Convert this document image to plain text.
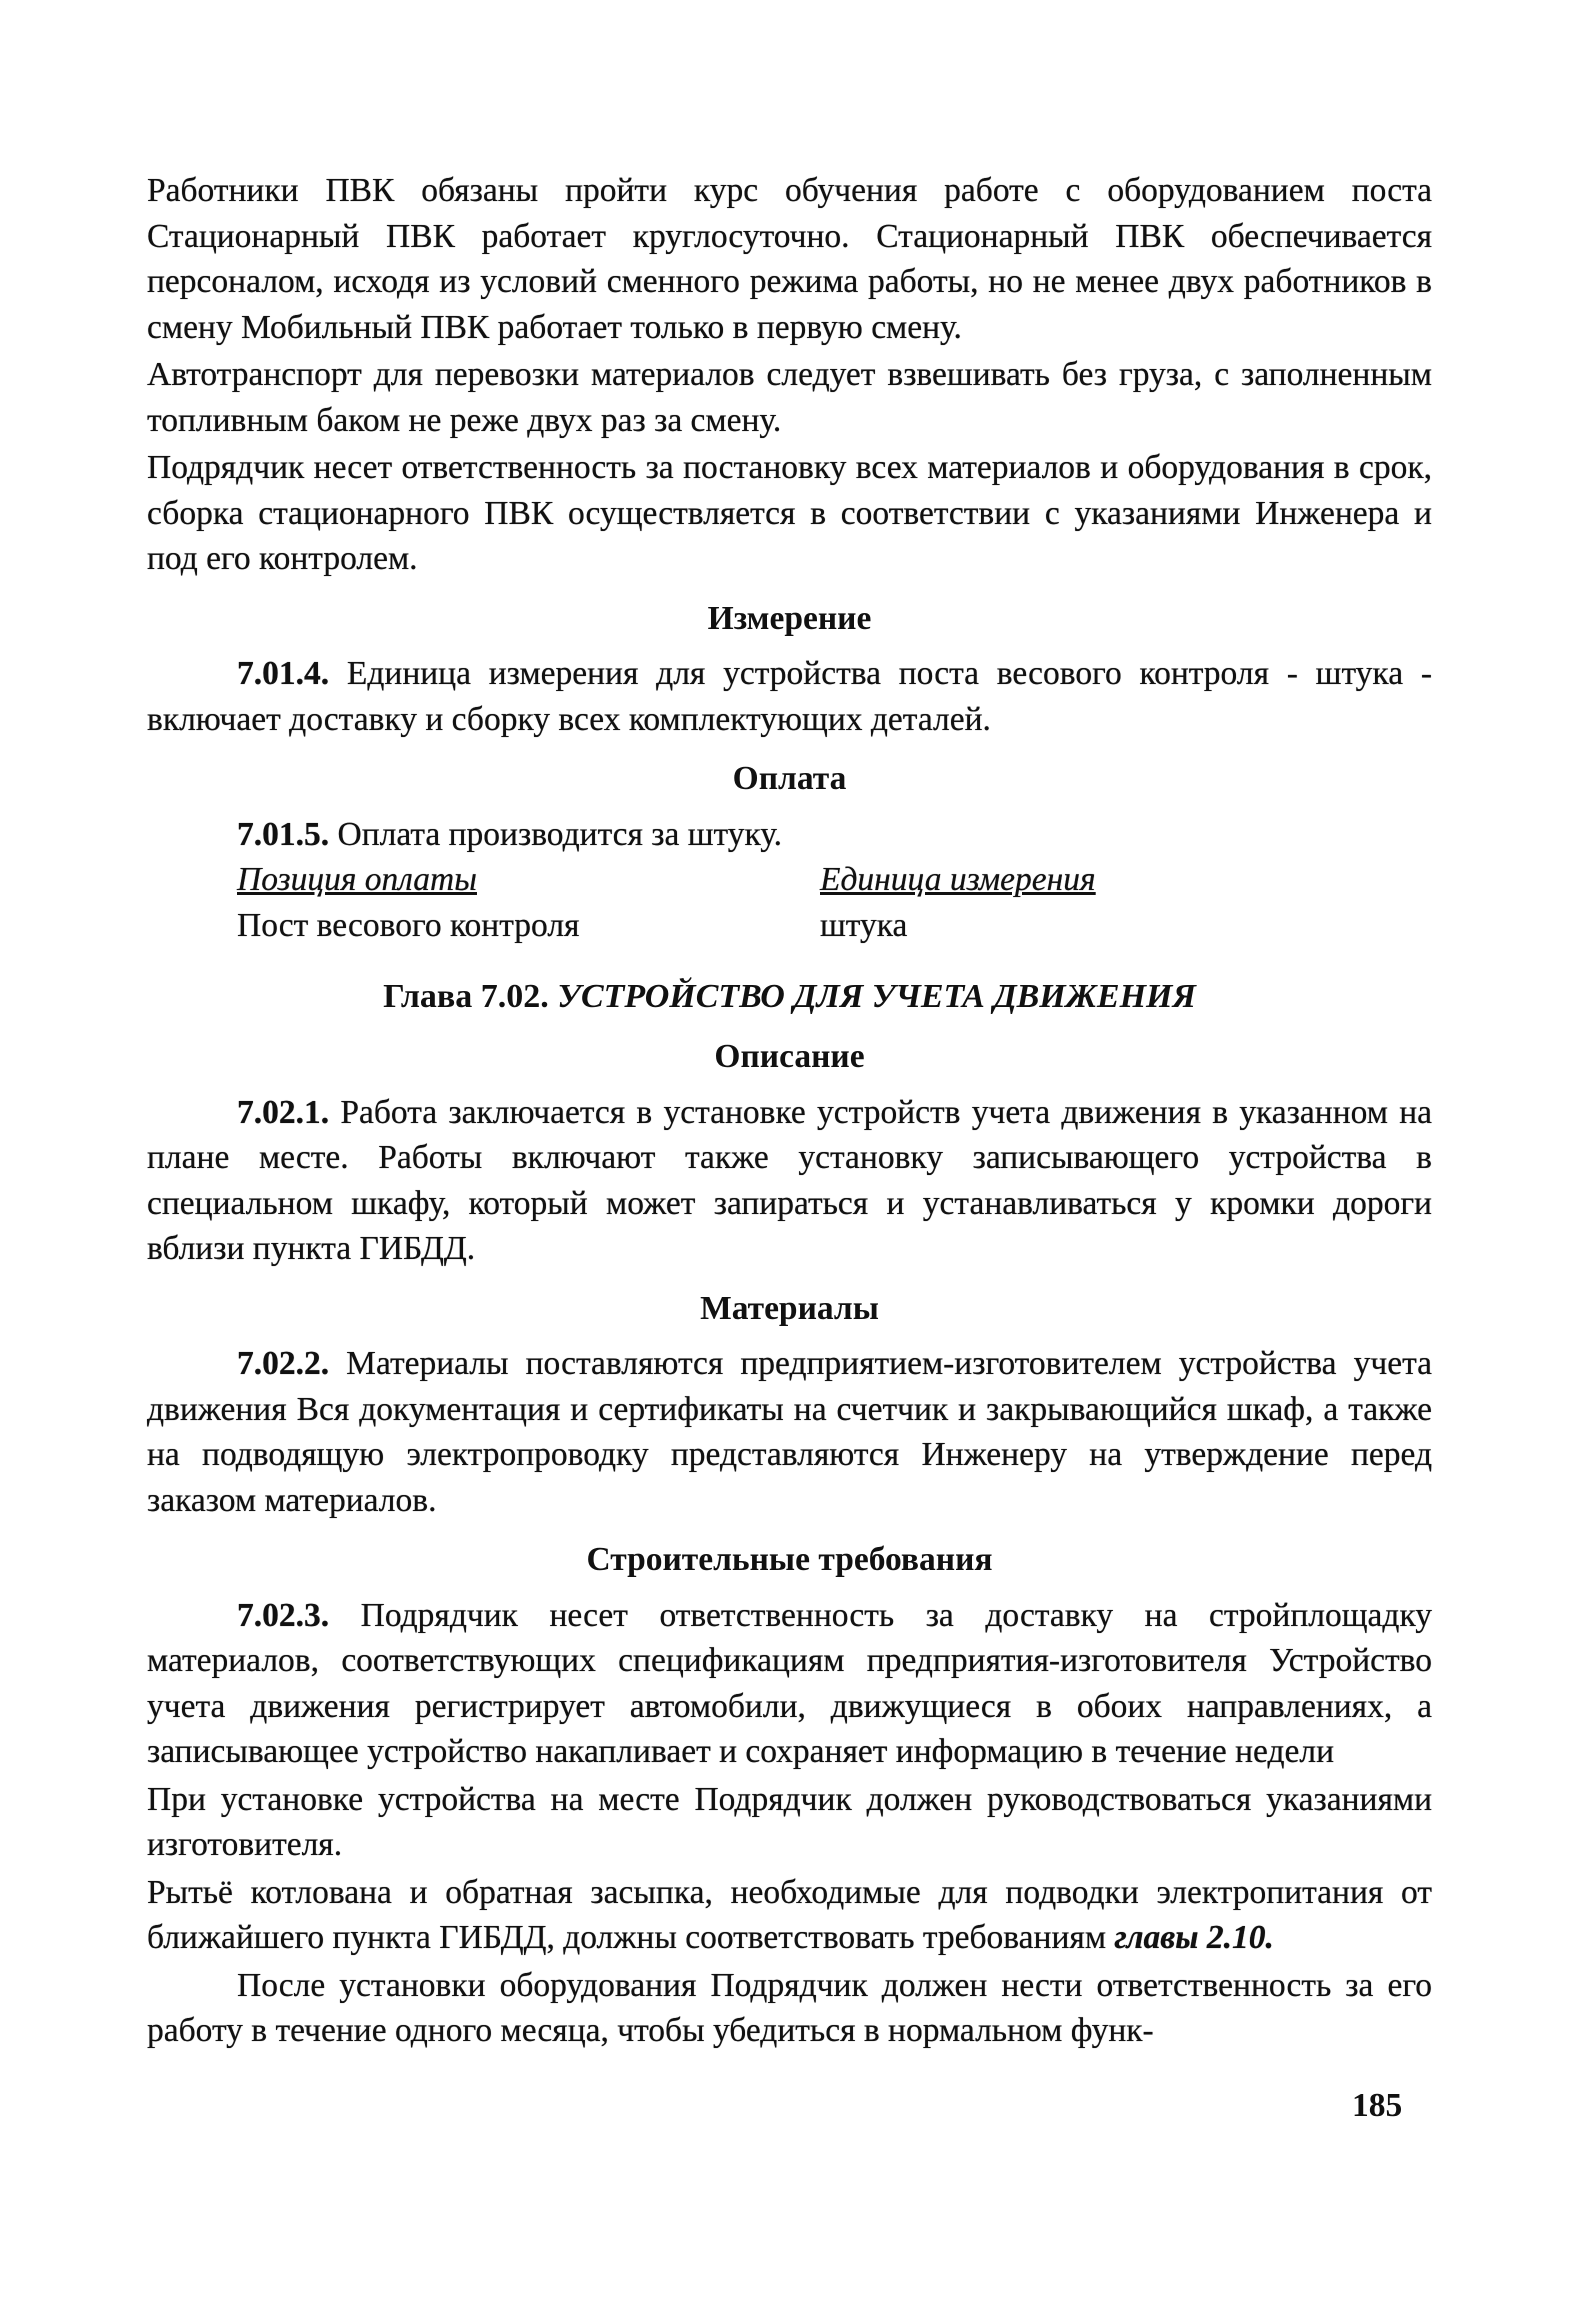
Работники ПВК обязаны пройти курс обучения работе с оборудованием поста Стационарный ПВК работает круглосуточно. Стационарный ПВК обеспечивается персоналом, исходя из условий сменного режима работы, но не менее двух работников в смену Мобильный ПВК работает только в первую смену.

Автотранспорт для перевозки материалов следует взвешивать без груза, с заполненным топливным баком не реже двух раз за смену.

Подрядчик несет ответственность за постановку всех материалов и оборудования в срок, сборка стационарного ПВК осуществляется в соответствии с указаниями Инженера и под его контролем.

Измерение

7.01.4. Единица измерения для устройства поста весового контроля - штука - включает доставку и сборку всех комплектующих деталей.

Оплата

7.01.5. Оплата производится за штуку.

Позиция оплаты	Единица измерения
Пост весового контроля	штука
Глава 7.02. УСТРОЙСТВО ДЛЯ УЧЕТА ДВИЖЕНИЯ
Описание

7.02.1. Работа заключается в установке устройств учета движения в указанном на плане месте. Работы включают также установку записывающего устройства в специальном шкафу, который может запираться и устанавливаться у кромки дороги вблизи пункта ГИБДД.

Материалы

7.02.2. Материалы поставляются предприятием-изготовителем устройства учета движения Вся документация и сертификаты на счетчик и закрывающийся шкаф, а также на подводящую электропроводку представляются Инженеру на утверждение перед заказом материалов.

Строительные требования

7.02.3. Подрядчик несет ответственность за доставку на стройплощадку материалов, соответствующих спецификациям предприятия-изготовителя Устройство учета движения регистрирует автомобили, движущиеся в обоих направлениях, а записывающее устройство накапливает и сохраняет информацию в течение недели

При установке устройства на месте Подрядчик должен руководствоваться указаниями изготовителя.

Рытьё котлована и обратная засыпка, необходимые для подводки электропитания от ближайшего пункта ГИБДД, должны соответствовать требованиям главы 2.10.

После установки оборудования Подрядчик должен нести ответственность за его работу в течение одного месяца, чтобы убедиться в нормальном функ-

185
